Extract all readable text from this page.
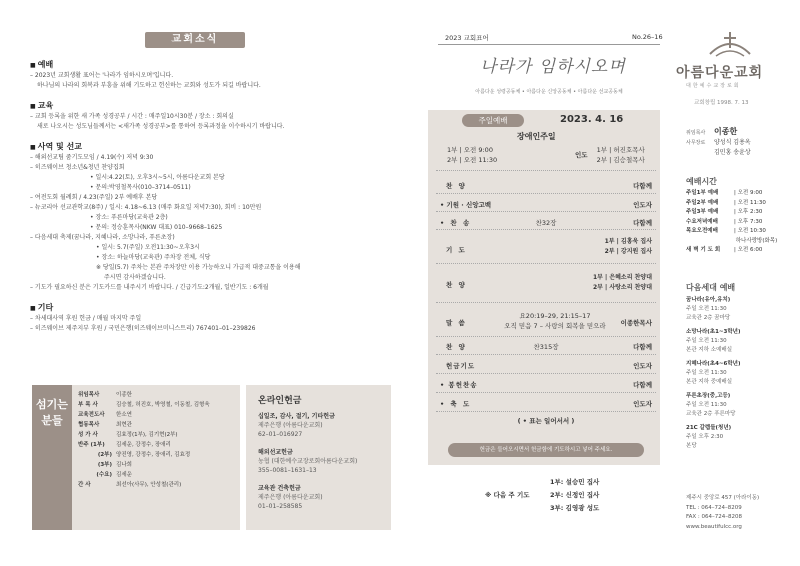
교회소식
■ 예배
– 2023년 교회생활 표어는 '나라가 임하시오며'입니다.
하나님의 나라의 회복과 부흥을 위해 기도하고 헌신하는 교회와 성도가 되길 바랍니다.
■ 교육
– 교회 등록을 위한 새 가족 성경공부 / 시간 : 매주일10시30분 / 장소 : 회의실
새로 나오시는 성도님들께서는 <새가족 성경공부>를 통하여 등록과정을 이수하시기 바랍니다.
■ 사역 및 선교
– 해외선교팀 줌기도모임 / 4.19(수) 저녁 9:30
– 히즈웨이브 청소년&청년 찬양집회
• 일시:4.22(토), 오후3시~5시, 아름다운교회 본당
• 문의:박영철목사(010–3714–0511)
– 여전도회 월례회 / 4.23(주일) 2부 예배후 본당
– 뉴코리아 선교관학교(8주) / 일시: 4.18~6.13 (매주 화요일 저녁7:30), 회비 : 10만원
• 장소: 푸른마당(교육관 2층)
• 문의: 정승훈목사(NKW 대표) 010–9668–1625
– 다음세대 축제(꿈나라, 지혜나라, 소망나라, 푸른초장)
• 일시: 5.7(주일) 오전11:30~오후3시
• 장소: 하늘마당(교육관) 주차장 전체, 식당
※ 당일(5.7) 주차는 본관 주차장만 이용 가능하오니 가급적 대중교통을 이용해
주시면 감사하겠습니다.
– 기도가 필요하신 분은 기도카드를 내주시기 바랍니다. / 긴급기도:2개월, 일반기도 : 6개월
■ 기타
– 차세대사역 후원 헌금 / 매월 마지막 주일
– 히즈웨이브 제주지부 후원 / 국민은행(히즈웨이브미니스트리) 767401–01–239826
섬기는 분들
위임목사	이종한
부 목 사	김승철, 허진호, 박영철, 이동철, 김형욱
교육전도사 한소연
협동목사	최현관
성 가 사	김효정(1부), 김기현(2부)
반주 (1부) 김세운, 강정수, 장애리
(2부) 양진영, 강정수, 장애리, 김효정
(3부) 김나희
(수요) 김세운
간 사	최선아(사무), 안성철(관리)
온라인헌금
십일조, 감사, 절기, 기타헌금
제주은행 (아름다운교회)
62–01–016927
해외선교헌금
농협 (대한예수교장로회아름다운교회)
355–0081–1631–13
교육관 건축헌금
제주은행 (아름다운교회)
01–01–258585
2023 교회표어	No.26–16
나라가 임하시오며
아름다운 성령공동체 • 아름다운 신앙공동체 • 아름다운 선교공동체
주일예배	2023. 4. 16
장애인주일
1부 | 오전 9:00
2부 | 오전 11:30
인도
1부 | 허진호목사
2부 | 김승철목사
찬 양	다함께
• 기원 · 신앙고백	인도자
• 찬 송	찬32장	다함께
기 도
1부 | 김홍욱 집사
2부 | 강지원 집사
찬 양
1부 | 은혜소리 찬양대
2부 | 사랑소리 찬양대
말 씀	이종한목사
요20:19–29, 21:15–17
오직 믿음 7 – 사랑의 회복을 믿으라
찬 양	찬315장	다함께
헌금기도	인도자
• 봉헌찬송	다함께
• 축 도	인도자
( • 표는 일어서서 )
헌금은 들어오시면서 헌금함에 기도하시고 넣어 주세요.
※ 다음 주 기도
1부: 설승민 집사
2부: 신정인 집사
3부: 김영광 성도
아름다운교회
대한예수교장로회
교회창립 1998. 7. 13
위임목사 이종한
사무장로 양성식 김용옥
김민홍 송윤상
예배시간
주일1부 예배	| 오전 9:00
주일2부 예배	| 오전 11:30
주일3부 예배	| 오후 2:30
수요저녁예배	| 오후 7:30
목요오전예배	| 오전 10:30
하나사랑방(화목)
새 벽 기 도 회	| 오전 6:00
다음세대 예배
꿈나라(유아,유치)
주일 오전 11:30
교육관 2층 꿈마당
소망나라(초1~3학년)
주일 오전 11:30
본관 지하 소예배실
지혜나라(초4~6학년)
주일 오전 11:30
본관 지하 중예배실
푸른초장(중,고등)
주일 오전 11:30
교육관 2층 푸른마당
21C 갈렙들(청년)
주일 오후 2:30
본당
제주시 중앙로 457 (아라이동)
TEL : 064–724–8209
FAX : 064–724–8208
www.beautifulcc.org
